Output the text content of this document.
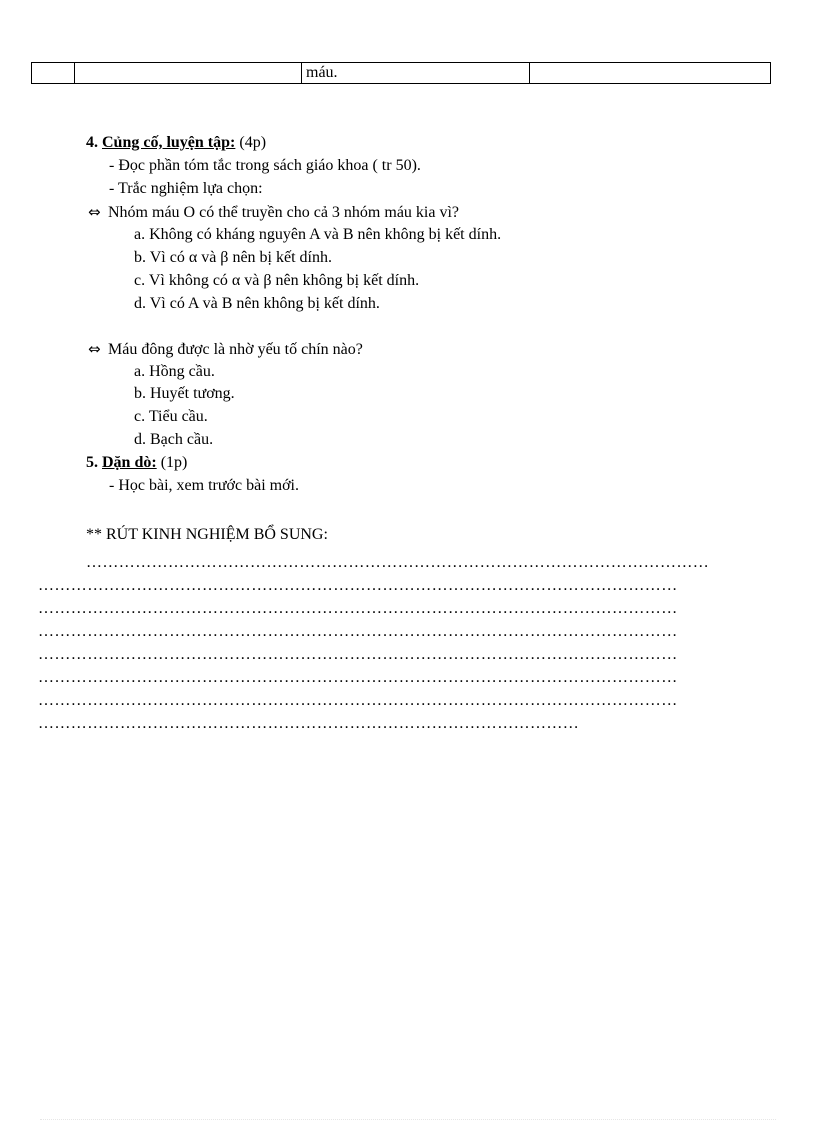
		máu.	
4. Củng cố, luyện tập: (4p)
- Đọc phần tóm tắc trong sách giáo khoa ( tr 50).
- Trắc nghiệm lựa chọn:
⇔ Nhóm máu O có thể truyền cho cả 3 nhóm máu kia vì?
a. Không có kháng nguyên A và B nên không bị kết dính.
b. Vì có α và β nên bị kết dính.
c. Vì không có α và β nên không bị kết dính.
d. Vì có A và B nên không bị kết dính.
⇔ Máu đông được là nhờ yếu tố chín nào?
a. Hồng cầu.
b. Huyết tương.
c. Tiểu cầu.
d. Bạch cầu.
5. Dặn dò: (1p)
- Học bài, xem trước bài mới.
** RÚT KINH NGHIỆM BỔ SUNG:
……………………………………………………………………………………………………
………………………………………………………………………………………………………
………………………………………………………………………………………………………
………………………………………………………………………………………………………
………………………………………………………………………………………………………
………………………………………………………………………………………………………
………………………………………………………………………………………………………
………………………………………………………………………………………
